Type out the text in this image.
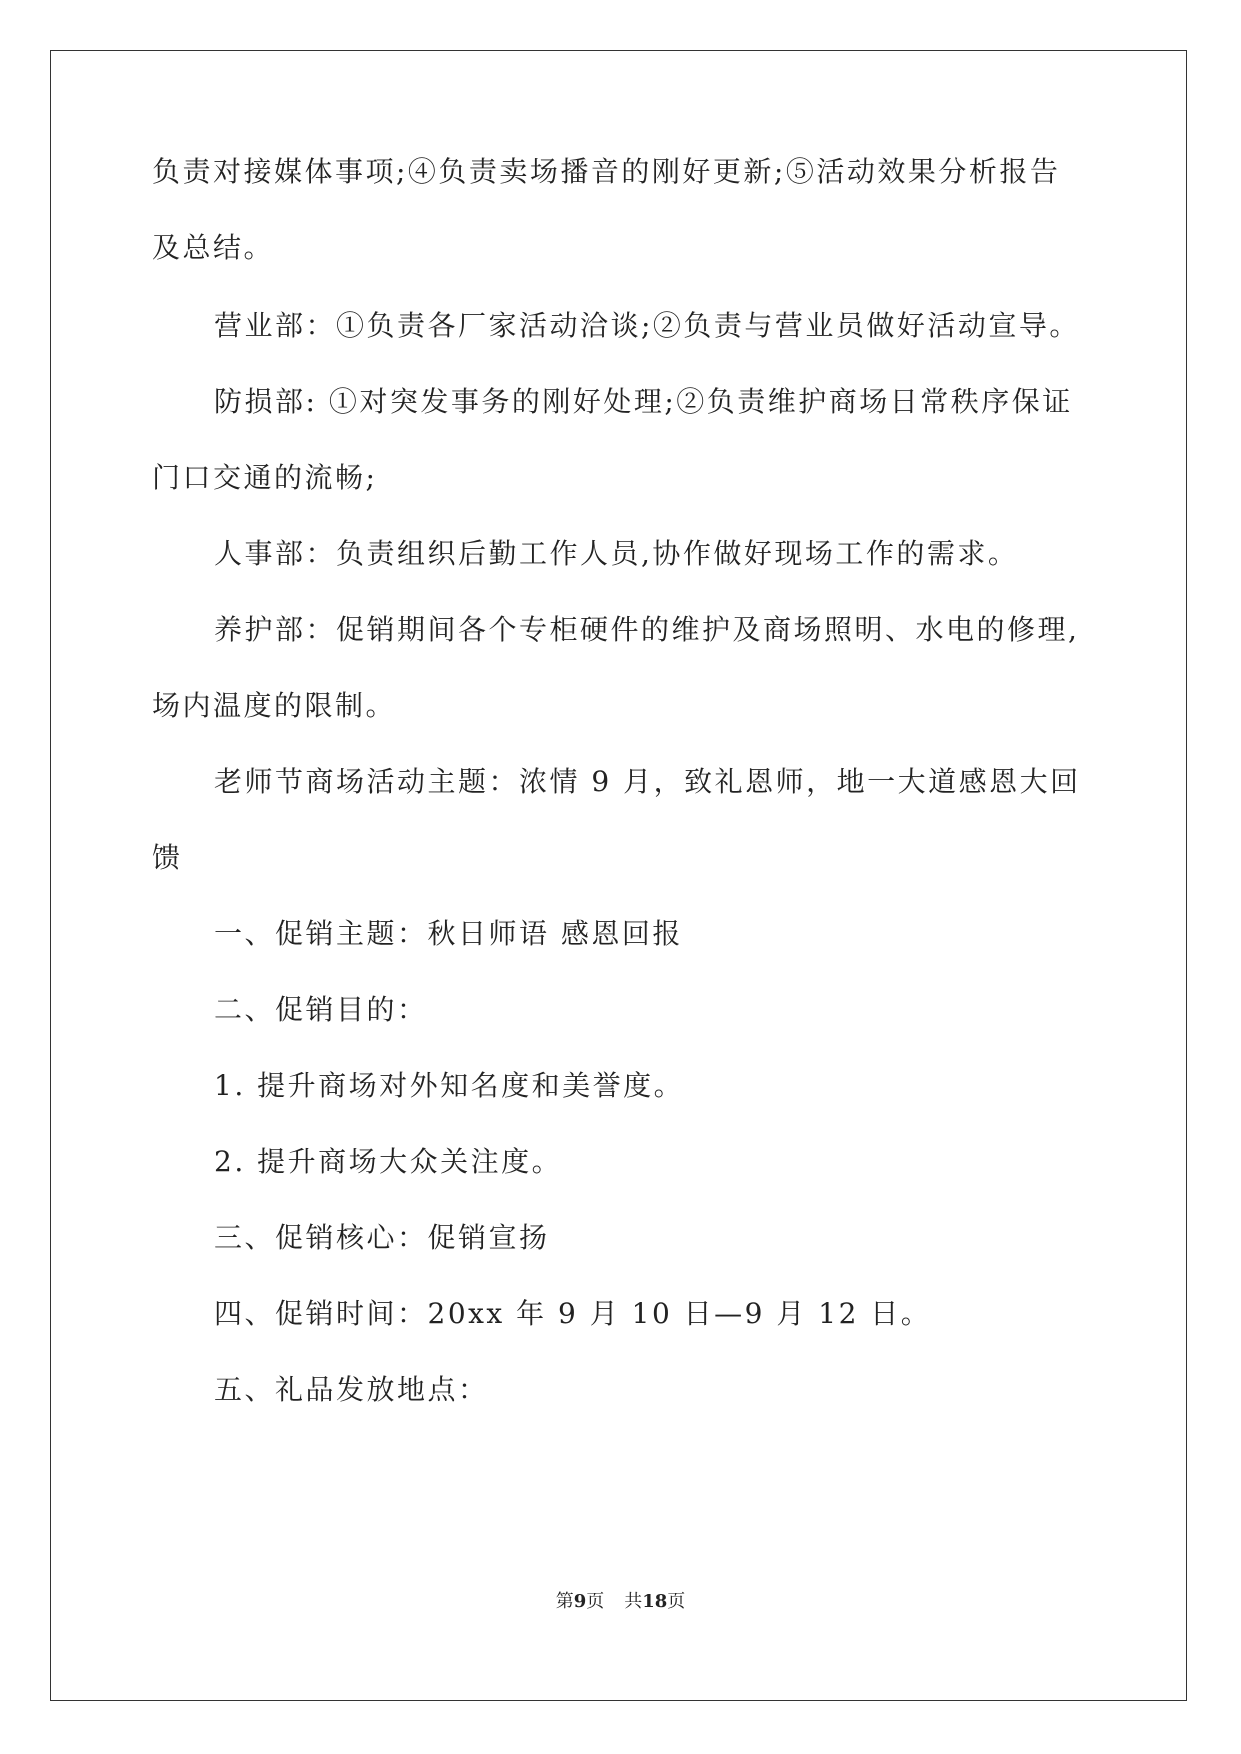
负责对接媒体事项;④负责卖场播音的刚好更新;⑤活动效果分析报告
及总结。
营业部：①负责各厂家活动洽谈;②负责与营业员做好活动宣导。
防损部: ①对突发事务的刚好处理;②负责维护商场日常秩序保证
门口交通的流畅;
人事部：负责组织后勤工作人员,协作做好现场工作的需求。
养护部：促销期间各个专柜硬件的维护及商场照明、水电的修理,
场内温度的限制。
老师节商场活动主题：浓情 9 月，致礼恩师，地一大道感恩大回
馈
一、促销主题：秋日师语 感恩回报
二、促销目的：
1. 提升商场对外知名度和美誉度。
2. 提升商场大众关注度。
三、促销核心：促销宣扬
四、促销时间：20xx 年 9 月 10 日—9 月 12 日。
五、礼品发放地点：
第9页 共18页
